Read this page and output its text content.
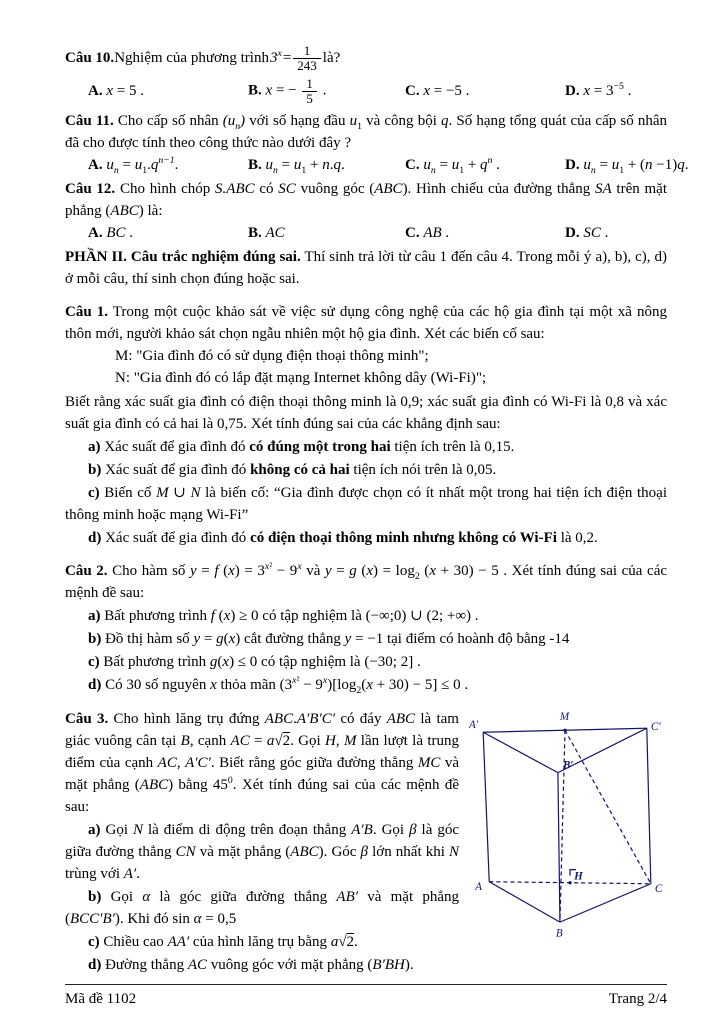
Câu 10. Nghiệm của phương trình $3^x = \frac{1}{243}$ là?

A. x = 5 .	B. x = − $\frac{1}{5}$ .	C. x = −5 .	D. $x = 3^{-5}$ .

Câu 11. Cho cấp số nhân $(u_n)$ với số hạng đầu $u_1$ và công bội q. Số hạng tổng quát của cấp số nhân đã cho được tính theo công thức nào dưới đây ?

A. $u_n = u_1.q^{n-1}$.	B. $u_n = u_1 + n.q$.	C. $u_n = u_1 + q^n$ .	D. $u_n = u_1 + (n -1)q$.

Câu 12. Cho hình chóp S.ABC có SC vuông góc (ABC). Hình chiếu của đường thẳng SA trên mặt phẳng (ABC) là:

A. BC .	B. AC	C. AB .	D. SC .

PHẦN II. Câu trắc nghiệm đúng sai. Thí sinh trả lời từ câu 1 đến câu 4. Trong mỗi ý a), b), c), d) ở mỗi câu, thí sinh chọn đúng hoặc sai.

Câu 1. Trong một cuộc khảo sát về việc sử dụng công nghệ của các hộ gia đình tại một xã nông thôn mới, người khảo sát chọn ngẫu nhiên một hộ gia đình. Xét các biến cố sau:

M: "Gia đình đó có sử dụng điện thoại thông minh";

N: "Gia đình đó có lắp đặt mạng Internet không dây (Wi-Fi)";

Biết rằng xác suất gia đình có điện thoại thông minh là 0,9; xác suất gia đình có Wi-Fi là 0,8 và xác suất gia đình có cả hai là 0,75. Xét tính đúng sai của các khẳng định sau:

a) Xác suất để gia đình đó có đúng một trong hai tiện ích trên là 0,15.

b) Xác suất để gia đình đó không có cả hai tiện ích nói trên là 0,05.

c) Biến cố M ∪ N là biến cố: “Gia đình được chọn có ít nhất một trong hai tiện ích điện thoại thông minh hoặc mạng Wi-Fi”

d) Xác suất để gia đình đó có điện thoại thông minh nhưng không có Wi-Fi là 0,2.

Câu 2. Cho hàm số y = f $(x) = 3^{x^2} - 9^x$ và y = g $(x) = \log_2 (x + 30) - 5$ . Xét tính đúng sai của các mệnh đề sau:

a) Bất phương trình f (x) ≥ 0 có tập nghiệm là (−∞;0) ∪ (2; +∞) .

b) Đồ thị hàm số y = g(x) cắt đường thẳng y = −1 tại điểm có hoành độ bằng -14

c) Bất phương trình g(x) ≤ 0 có tập nghiệm là (−30; 2] .

d) Có 30 số nguyên x thỏa mãn $(3^{x^2} - 9^x)[\log_2(x + 30) - 5] \le 0$ .

A′
M
C′
B′
A
H
C
B

Câu 3. Cho hình lăng trụ đứng ABC.A′B′C′ có đáy ABC là tam giác vuông cân tại B, cạnh AC = a√2. Gọi H, M lần lượt là trung điểm của cạnh AC, A′C′. Biết rằng góc giữa đường thẳng MC và mặt phẳng (ABC) bằng $45^0$. Xét tính đúng sai của các mệnh đề sau:

a) Gọi N là điểm di động trên đoạn thẳng A′B. Gọi β là góc giữa đường thẳng CN và mặt phẳng (ABC). Góc β lớn nhất khi N trùng với A′.

b) Gọi α là góc giữa đường thẳng AB′ và mặt phẳng (BCC′B′). Khi đó sin α = 0,5

c) Chiều cao AA′ của hình lăng trụ bằng a√2.

d) Đường thẳng AC vuông góc với mặt phẳng (B′BH).

Mã đề 1102	Trang 2/4
